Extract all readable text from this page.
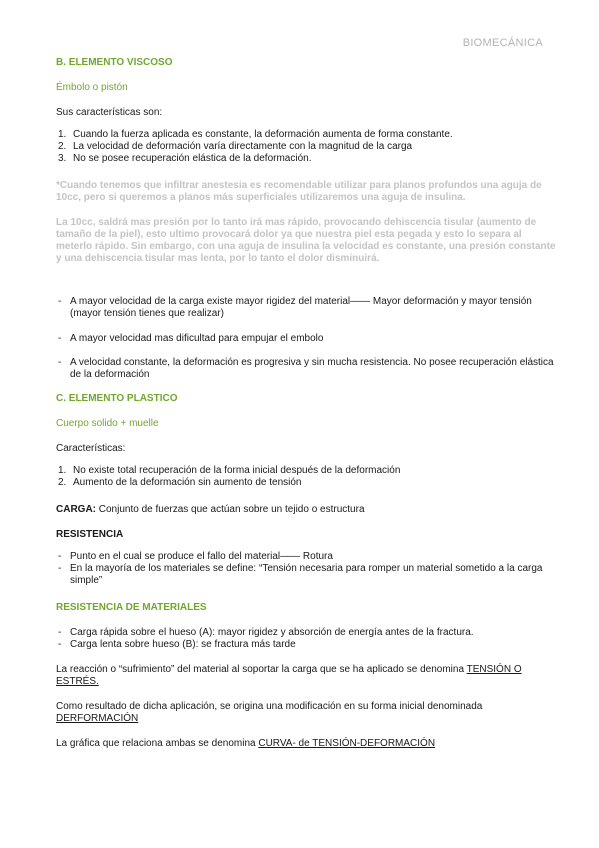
BIOMECÁNICA
B. ELEMENTO VISCOSO
Émbolo o pistón
Sus características son:
1. Cuando la fuerza aplicada es constante, la deformación aumenta de forma constante.
2. La velocidad de deformación varía directamente con la magnitud de la carga
3. No se posee recuperación elástica de la deformación.
*Cuando tenemos que infiltrar anestesia es recomendable utilizar para planos profundos una aguja de 10cc, pero si queremos a planos más superficiales utilizaremos una aguja de insulina.
La 10cc, saldrá mas presión por lo tanto irá mas rápido, provocando dehiscencia tisular (aumento de tamaño de la piel), esto ultimo provocará dolor ya que nuestra piel esta pegada y esto lo separa al meterlo rápido. Sin embargo, con una aguja de insulina la velocidad es constante, una presión constante y una dehiscencia tisular mas lenta, por lo tanto el dolor disminuirá.
- A mayor velocidad de la carga existe mayor rigidez del material—— Mayor deformación y mayor tensión (mayor tensión tienes que realizar)
- A mayor velocidad mas dificultad para empujar el embolo
- A velocidad constante, la deformación es progresiva y sin mucha resistencia. No posee recuperación elástica de la deformación
C. ELEMENTO PLASTICO
Cuerpo solido + muelle
Características:
1. No existe total recuperación de la forma inicial después de la deformación
2. Aumento de la deformación sin aumento de tensión
CARGA: Conjunto de fuerzas que actúan sobre un tejido o estructura
RESISTENCIA
- Punto en el cual se produce el fallo del material—— Rotura
- En la mayoría de los materiales se define: “Tensión necesaria para romper un material sometido a la carga simple”
RESISTENCIA DE MATERIALES
- Carga rápida sobre el hueso (A): mayor rigidez y absorción de energía antes de la fractura.
- Carga lenta sobre hueso (B): se fractura más tarde
La reacción o “sufrimiento” del material al soportar la carga que se ha aplicado se denomina TENSIÓN O ESTRÉS.
Como resultado de dicha aplicación, se origina una modificación en su forma inicial denominada DERFORMACIÓN
La gráfica que relaciona ambas se denomina CURVA- de TENSIÓN-DEFORMACIÓN
